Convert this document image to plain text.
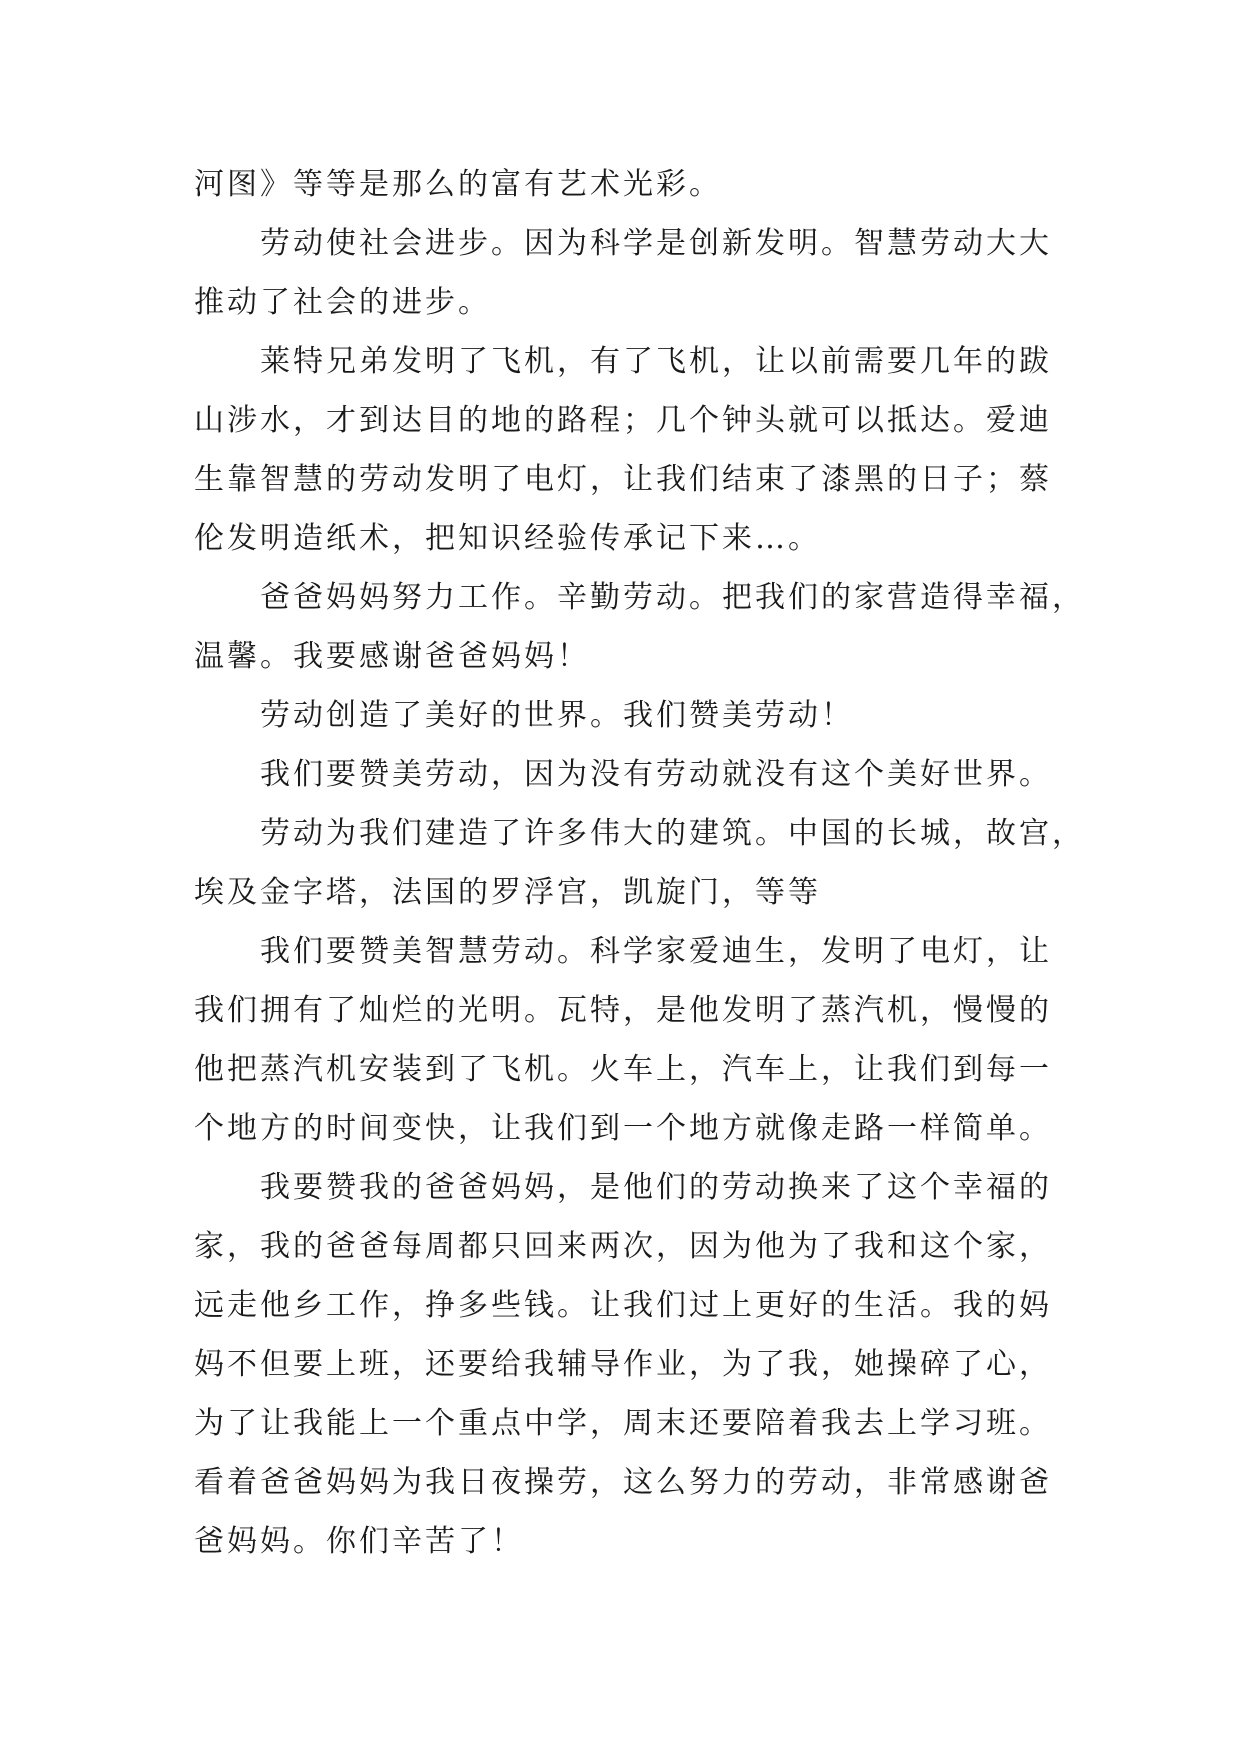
河图》等等是那么的富有艺术光彩。
劳动使社会进步。因为科学是创新发明。智慧劳动大大
推动了社会的进步。
莱特兄弟发明了飞机，有了飞机，让以前需要几年的跋
山涉水，才到达目的地的路程；几个钟头就可以抵达。爱迪
生靠智慧的劳动发明了电灯，让我们结束了漆黑的日子；蔡
伦发明造纸术，把知识经验传承记下来…。
爸爸妈妈努力工作。辛勤劳动。把我们的家营造得幸福，
温馨。我要感谢爸爸妈妈！
劳动创造了美好的世界。我们赞美劳动！
我们要赞美劳动，因为没有劳动就没有这个美好世界。
劳动为我们建造了许多伟大的建筑。中国的长城，故宫，
埃及金字塔，法国的罗浮宫，凯旋门，等等
我们要赞美智慧劳动。科学家爱迪生，发明了电灯，让
我们拥有了灿烂的光明。瓦特，是他发明了蒸汽机，慢慢的
他把蒸汽机安装到了飞机。火车上，汽车上，让我们到每一
个地方的时间变快，让我们到一个地方就像走路一样简单。
我要赞我的爸爸妈妈，是他们的劳动换来了这个幸福的
家，我的爸爸每周都只回来两次，因为他为了我和这个家，
远走他乡工作，挣多些钱。让我们过上更好的生活。我的妈
妈不但要上班，还要给我辅导作业，为了我，她操碎了心，
为了让我能上一个重点中学，周末还要陪着我去上学习班。
看着爸爸妈妈为我日夜操劳，这么努力的劳动，非常感谢爸
爸妈妈。你们辛苦了！
